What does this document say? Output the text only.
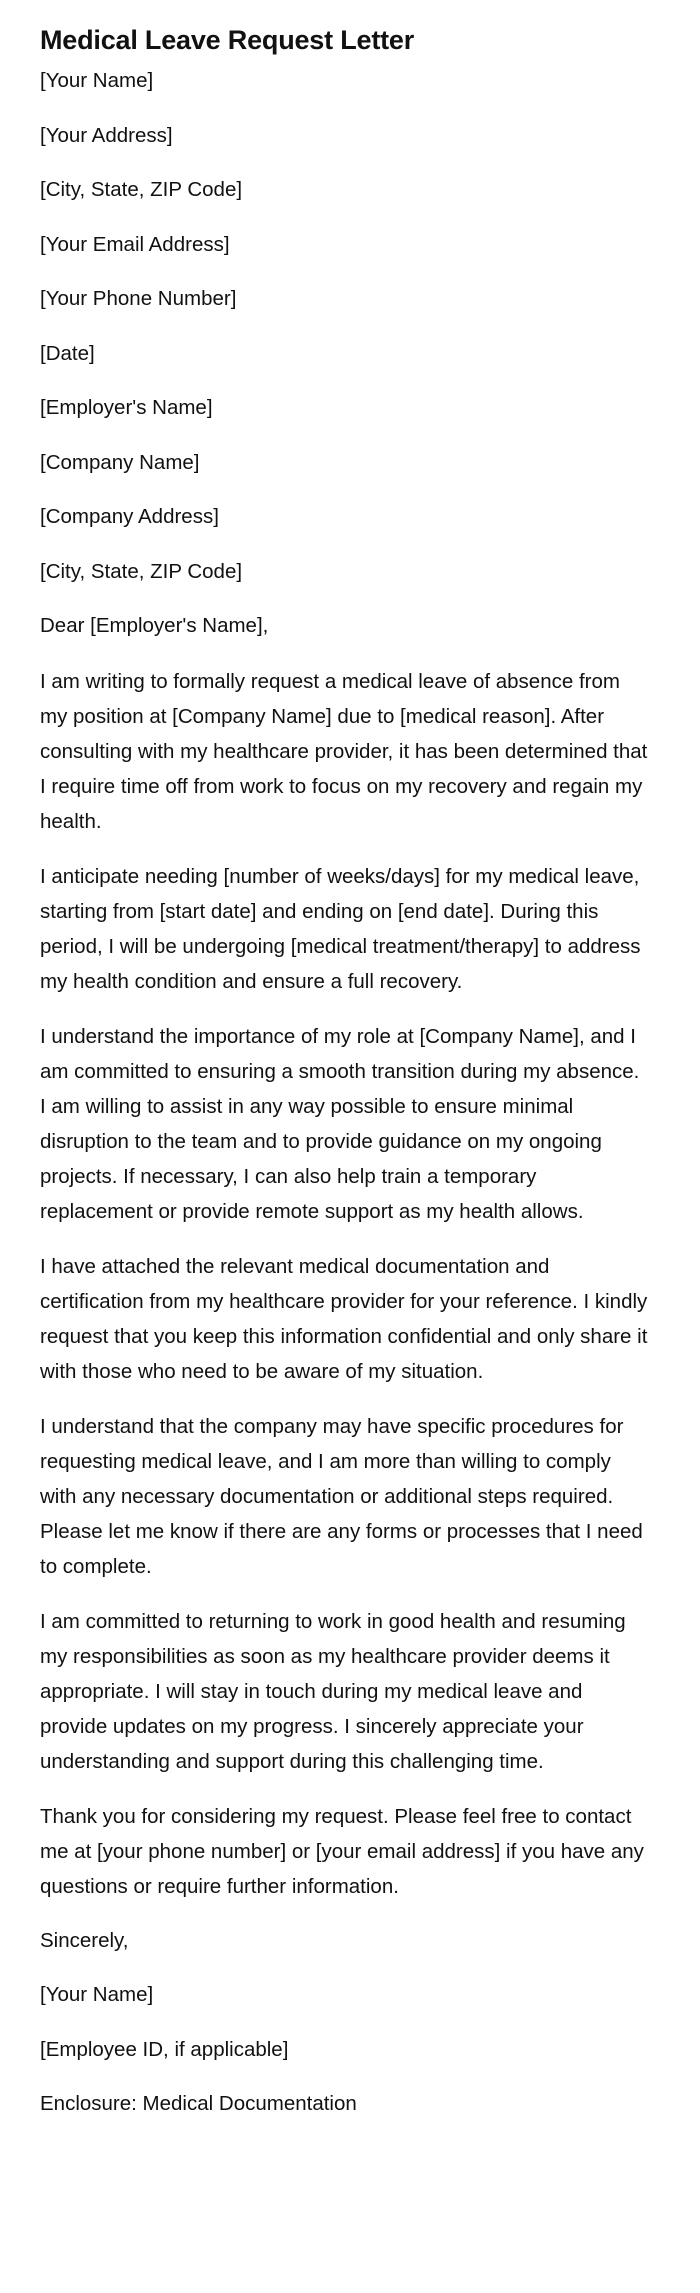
Medical Leave Request Letter
[Your Name]
[Your Address]
[City, State, ZIP Code]
[Your Email Address]
[Your Phone Number]
[Date]
[Employer's Name]
[Company Name]
[Company Address]
[City, State, ZIP Code]
Dear [Employer's Name],

I am writing to formally request a medical leave of absence from my position at [Company Name] due to [medical reason]. After consulting with my healthcare provider, it has been determined that I require time off from work to focus on my recovery and regain my health.

I anticipate needing [number of weeks/days] for my medical leave, starting from [start date] and ending on [end date]. During this period, I will be undergoing [medical treatment/therapy] to address my health condition and ensure a full recovery.

I understand the importance of my role at [Company Name], and I am committed to ensuring a smooth transition during my absence. I am willing to assist in any way possible to ensure minimal disruption to the team and to provide guidance on my ongoing projects. If necessary, I can also help train a temporary replacement or provide remote support as my health allows.

I have attached the relevant medical documentation and certification from my healthcare provider for your reference. I kindly request that you keep this information confidential and only share it with those who need to be aware of my situation.

I understand that the company may have specific procedures for requesting medical leave, and I am more than willing to comply with any necessary documentation or additional steps required. Please let me know if there are any forms or processes that I need to complete.

I am committed to returning to work in good health and resuming my responsibilities as soon as my healthcare provider deems it appropriate. I will stay in touch during my medical leave and provide updates on my progress. I sincerely appreciate your understanding and support during this challenging time.

Thank you for considering my request. Please feel free to contact me at [your phone number] or [your email address] if you have any questions or require further information.

Sincerely,
[Your Name]
[Employee ID, if applicable]
Enclosure: Medical Documentation
